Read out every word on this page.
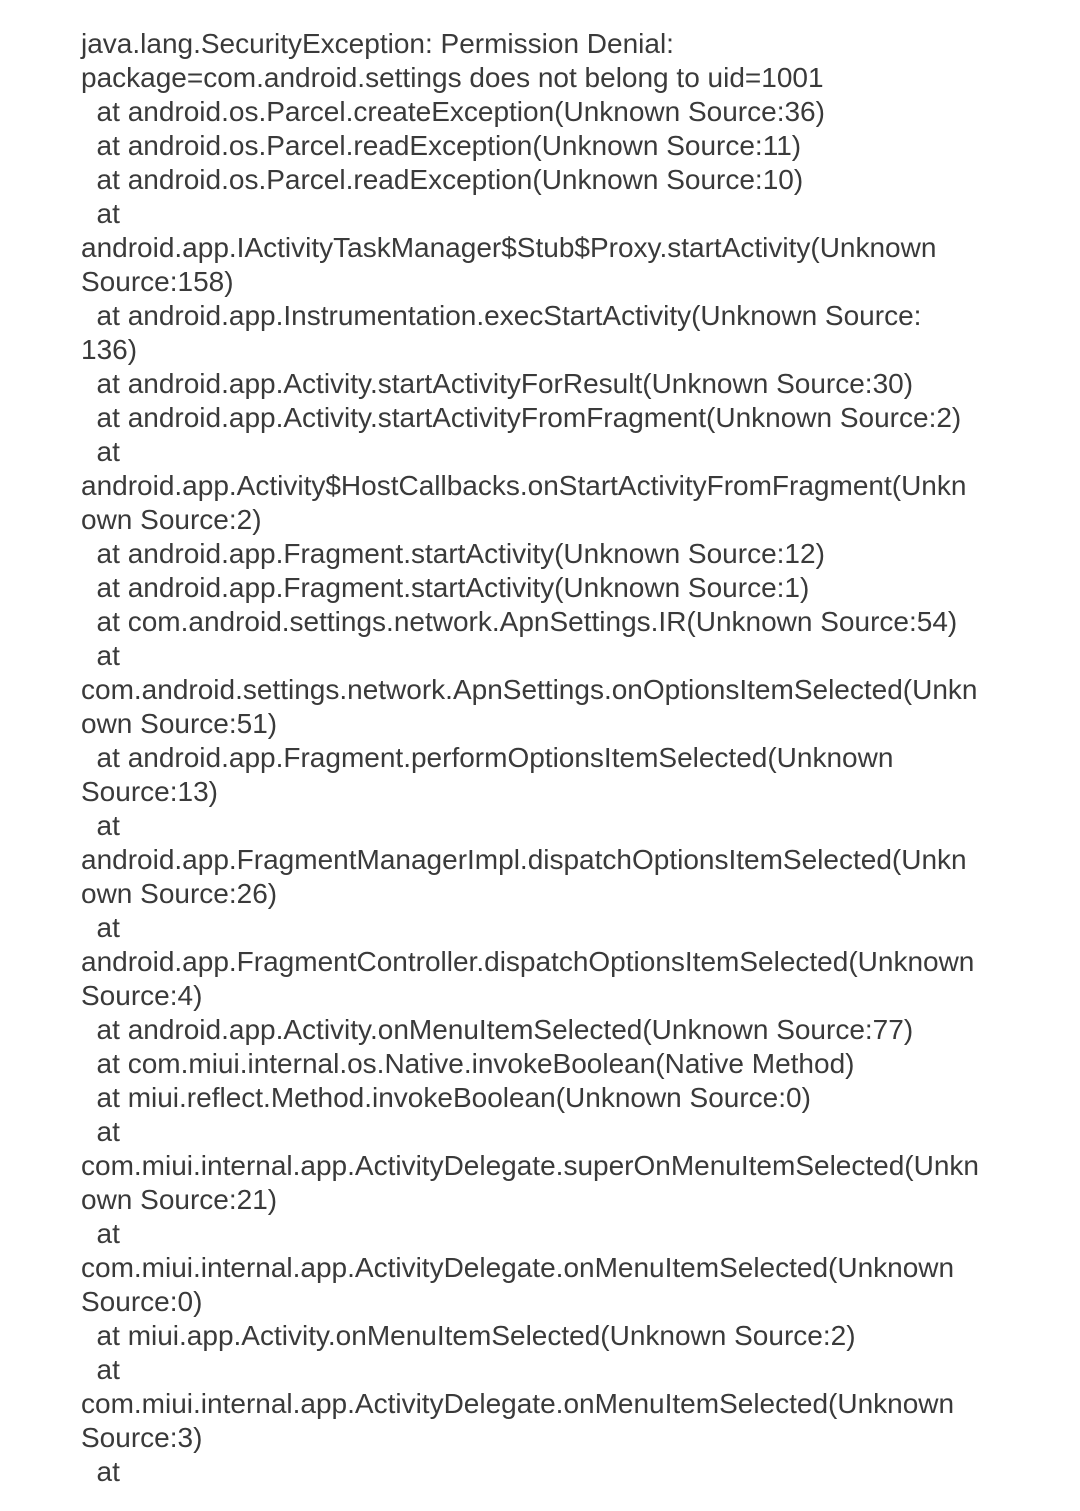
java.lang.SecurityException: Permission Denial:
package=com.android.settings does not belong to uid=1001
at android.os.Parcel.createException(Unknown Source:36)
at android.os.Parcel.readException(Unknown Source:11)
at android.os.Parcel.readException(Unknown Source:10)
at
android.app.IActivityTaskManager$Stub$Proxy.startActivity(Unknown
Source:158)
at android.app.Instrumentation.execStartActivity(Unknown Source:
136)
at android.app.Activity.startActivityForResult(Unknown Source:30)
at android.app.Activity.startActivityFromFragment(Unknown Source:2)
at
android.app.Activity$HostCallbacks.onStartActivityFromFragment(Unkn
own Source:2)
at android.app.Fragment.startActivity(Unknown Source:12)
at android.app.Fragment.startActivity(Unknown Source:1)
at com.android.settings.network.ApnSettings.IR(Unknown Source:54)
at
com.android.settings.network.ApnSettings.onOptionsItemSelected(Unkn
own Source:51)
at android.app.Fragment.performOptionsItemSelected(Unknown
Source:13)
at
android.app.FragmentManagerImpl.dispatchOptionsItemSelected(Unkn
own Source:26)
at
android.app.FragmentController.dispatchOptionsItemSelected(Unknown
Source:4)
at android.app.Activity.onMenuItemSelected(Unknown Source:77)
at com.miui.internal.os.Native.invokeBoolean(Native Method)
at miui.reflect.Method.invokeBoolean(Unknown Source:0)
at
com.miui.internal.app.ActivityDelegate.superOnMenuItemSelected(Unkn
own Source:21)
at
com.miui.internal.app.ActivityDelegate.onMenuItemSelected(Unknown
Source:0)
at miui.app.Activity.onMenuItemSelected(Unknown Source:2)
at
com.miui.internal.app.ActivityDelegate.onMenuItemSelected(Unknown
Source:3)
at
